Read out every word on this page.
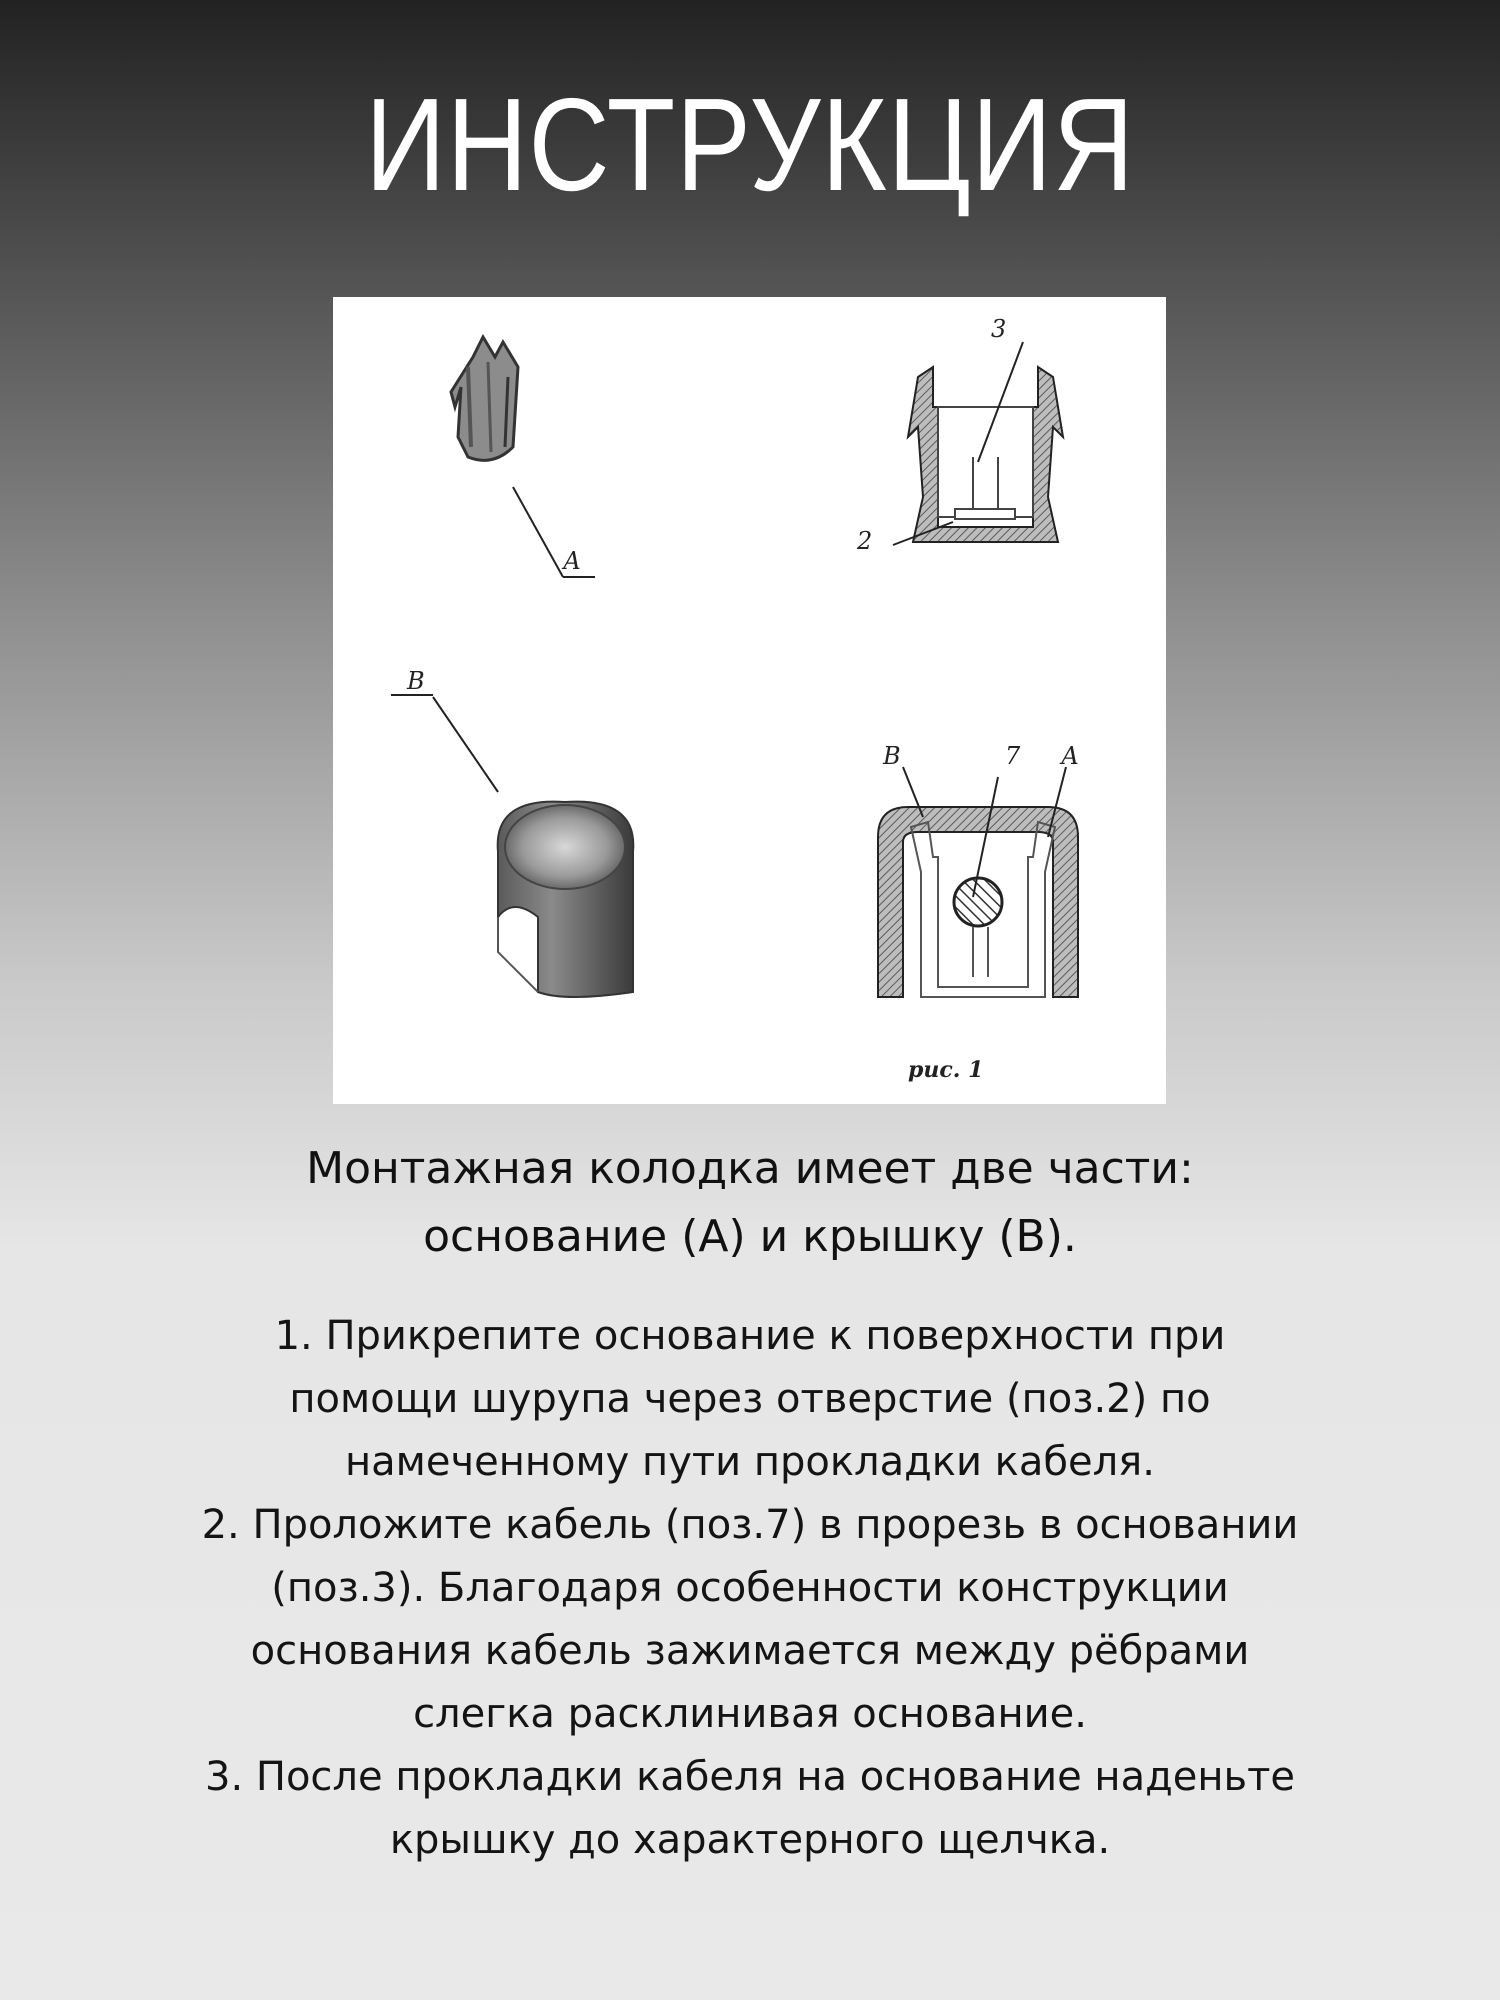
ИНСТРУКЦИЯ
А
3
2
В
В	7 А
рис. 1
Монтажная колодка имеет две части:
основание (А) и крышку (В).
1. Прикрепите основание к поверхности при
помощи шурупа через отверстие (поз.2) по
намеченному пути прокладки кабеля.
2. Проложите кабель (поз.7) в прорезь в основании
(поз.3). Благодаря особенности конструкции
основания кабель зажимается между рёбрами
слегка расклинивая основание.
3. После прокладки кабеля на основание наденьте
крышку до характерного щелчка.
